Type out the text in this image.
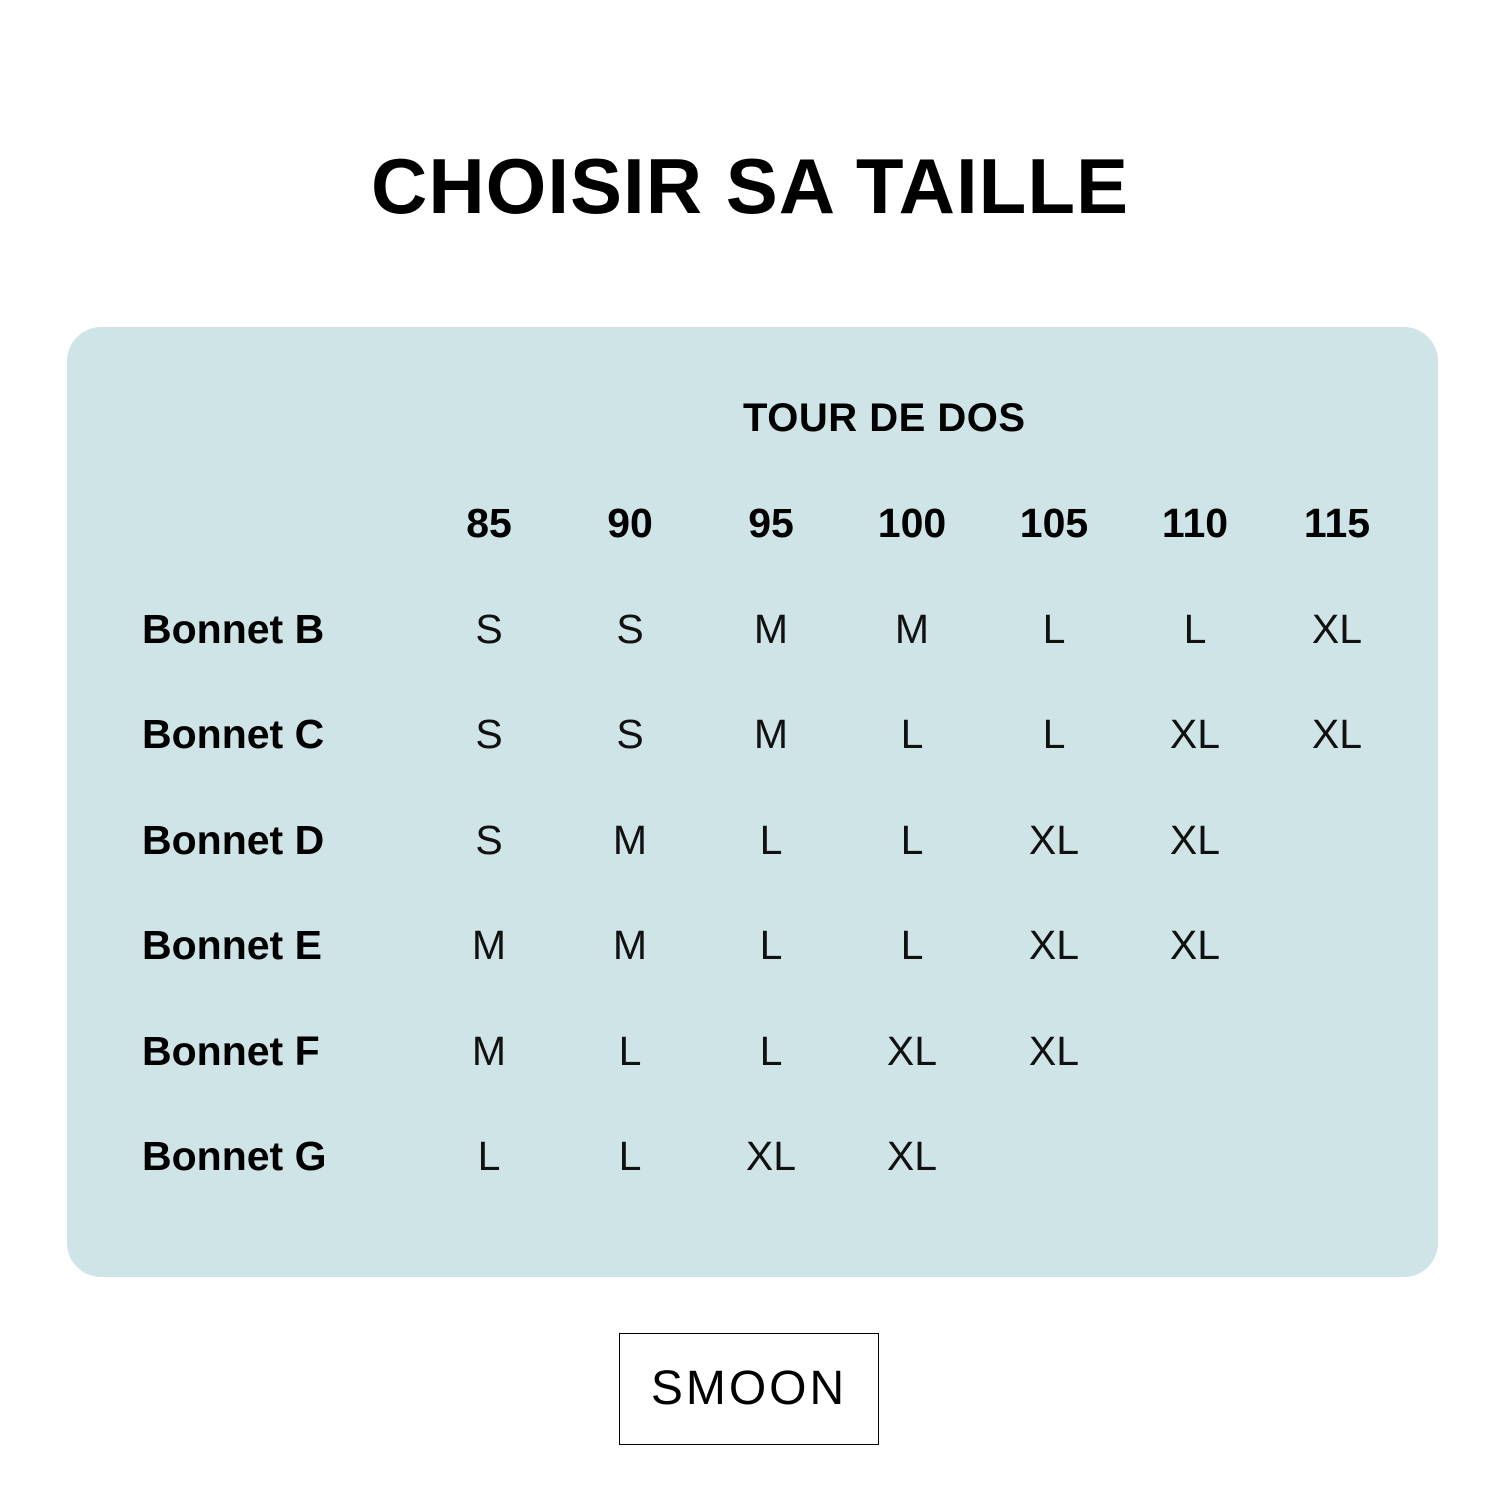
CHOISIR SA TAILLE
TOUR DE DOS
85	90	95	100	105	110	115
Bonnet B	S	S	M	M	L	L	XL
Bonnet C	S	S	M	L	L	XL	XL
Bonnet D	S	M	L	L	XL	XL
Bonnet E	M	M	L	L	XL	XL
Bonnet F	M	L	L	XL	XL
Bonnet G	L	L	XL	XL
SMOON
